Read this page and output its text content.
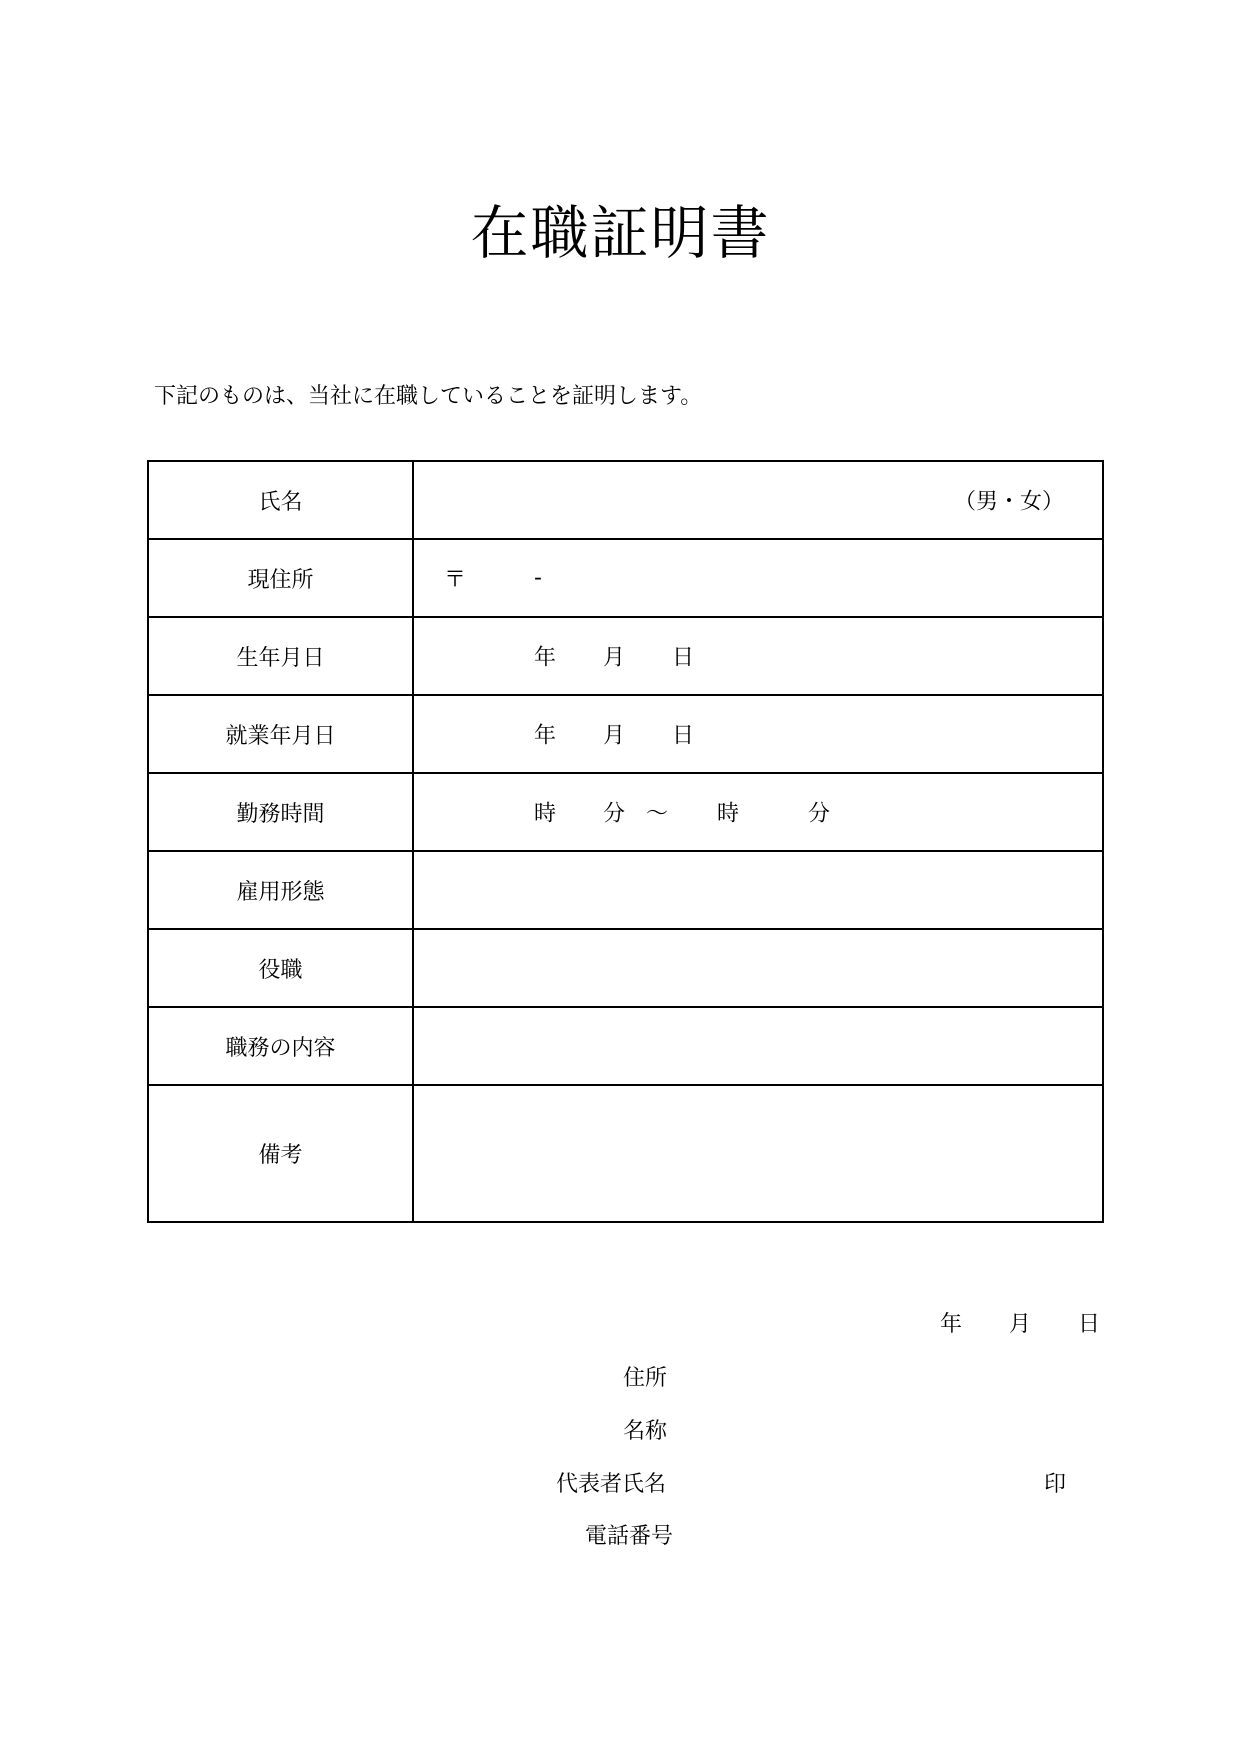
在職証明書
下記のものは、当社に在職していることを証明します。
氏名	（男・女）

現住所	〒 -

生年月日	年 月 日

就業年月日	年 月 日

勤務時間	時 分 ～ 時 分

雇用形態	
役職	
職務の内容	
備考	
年 月 日
住所
名称
代表者氏名	印
電話番号
